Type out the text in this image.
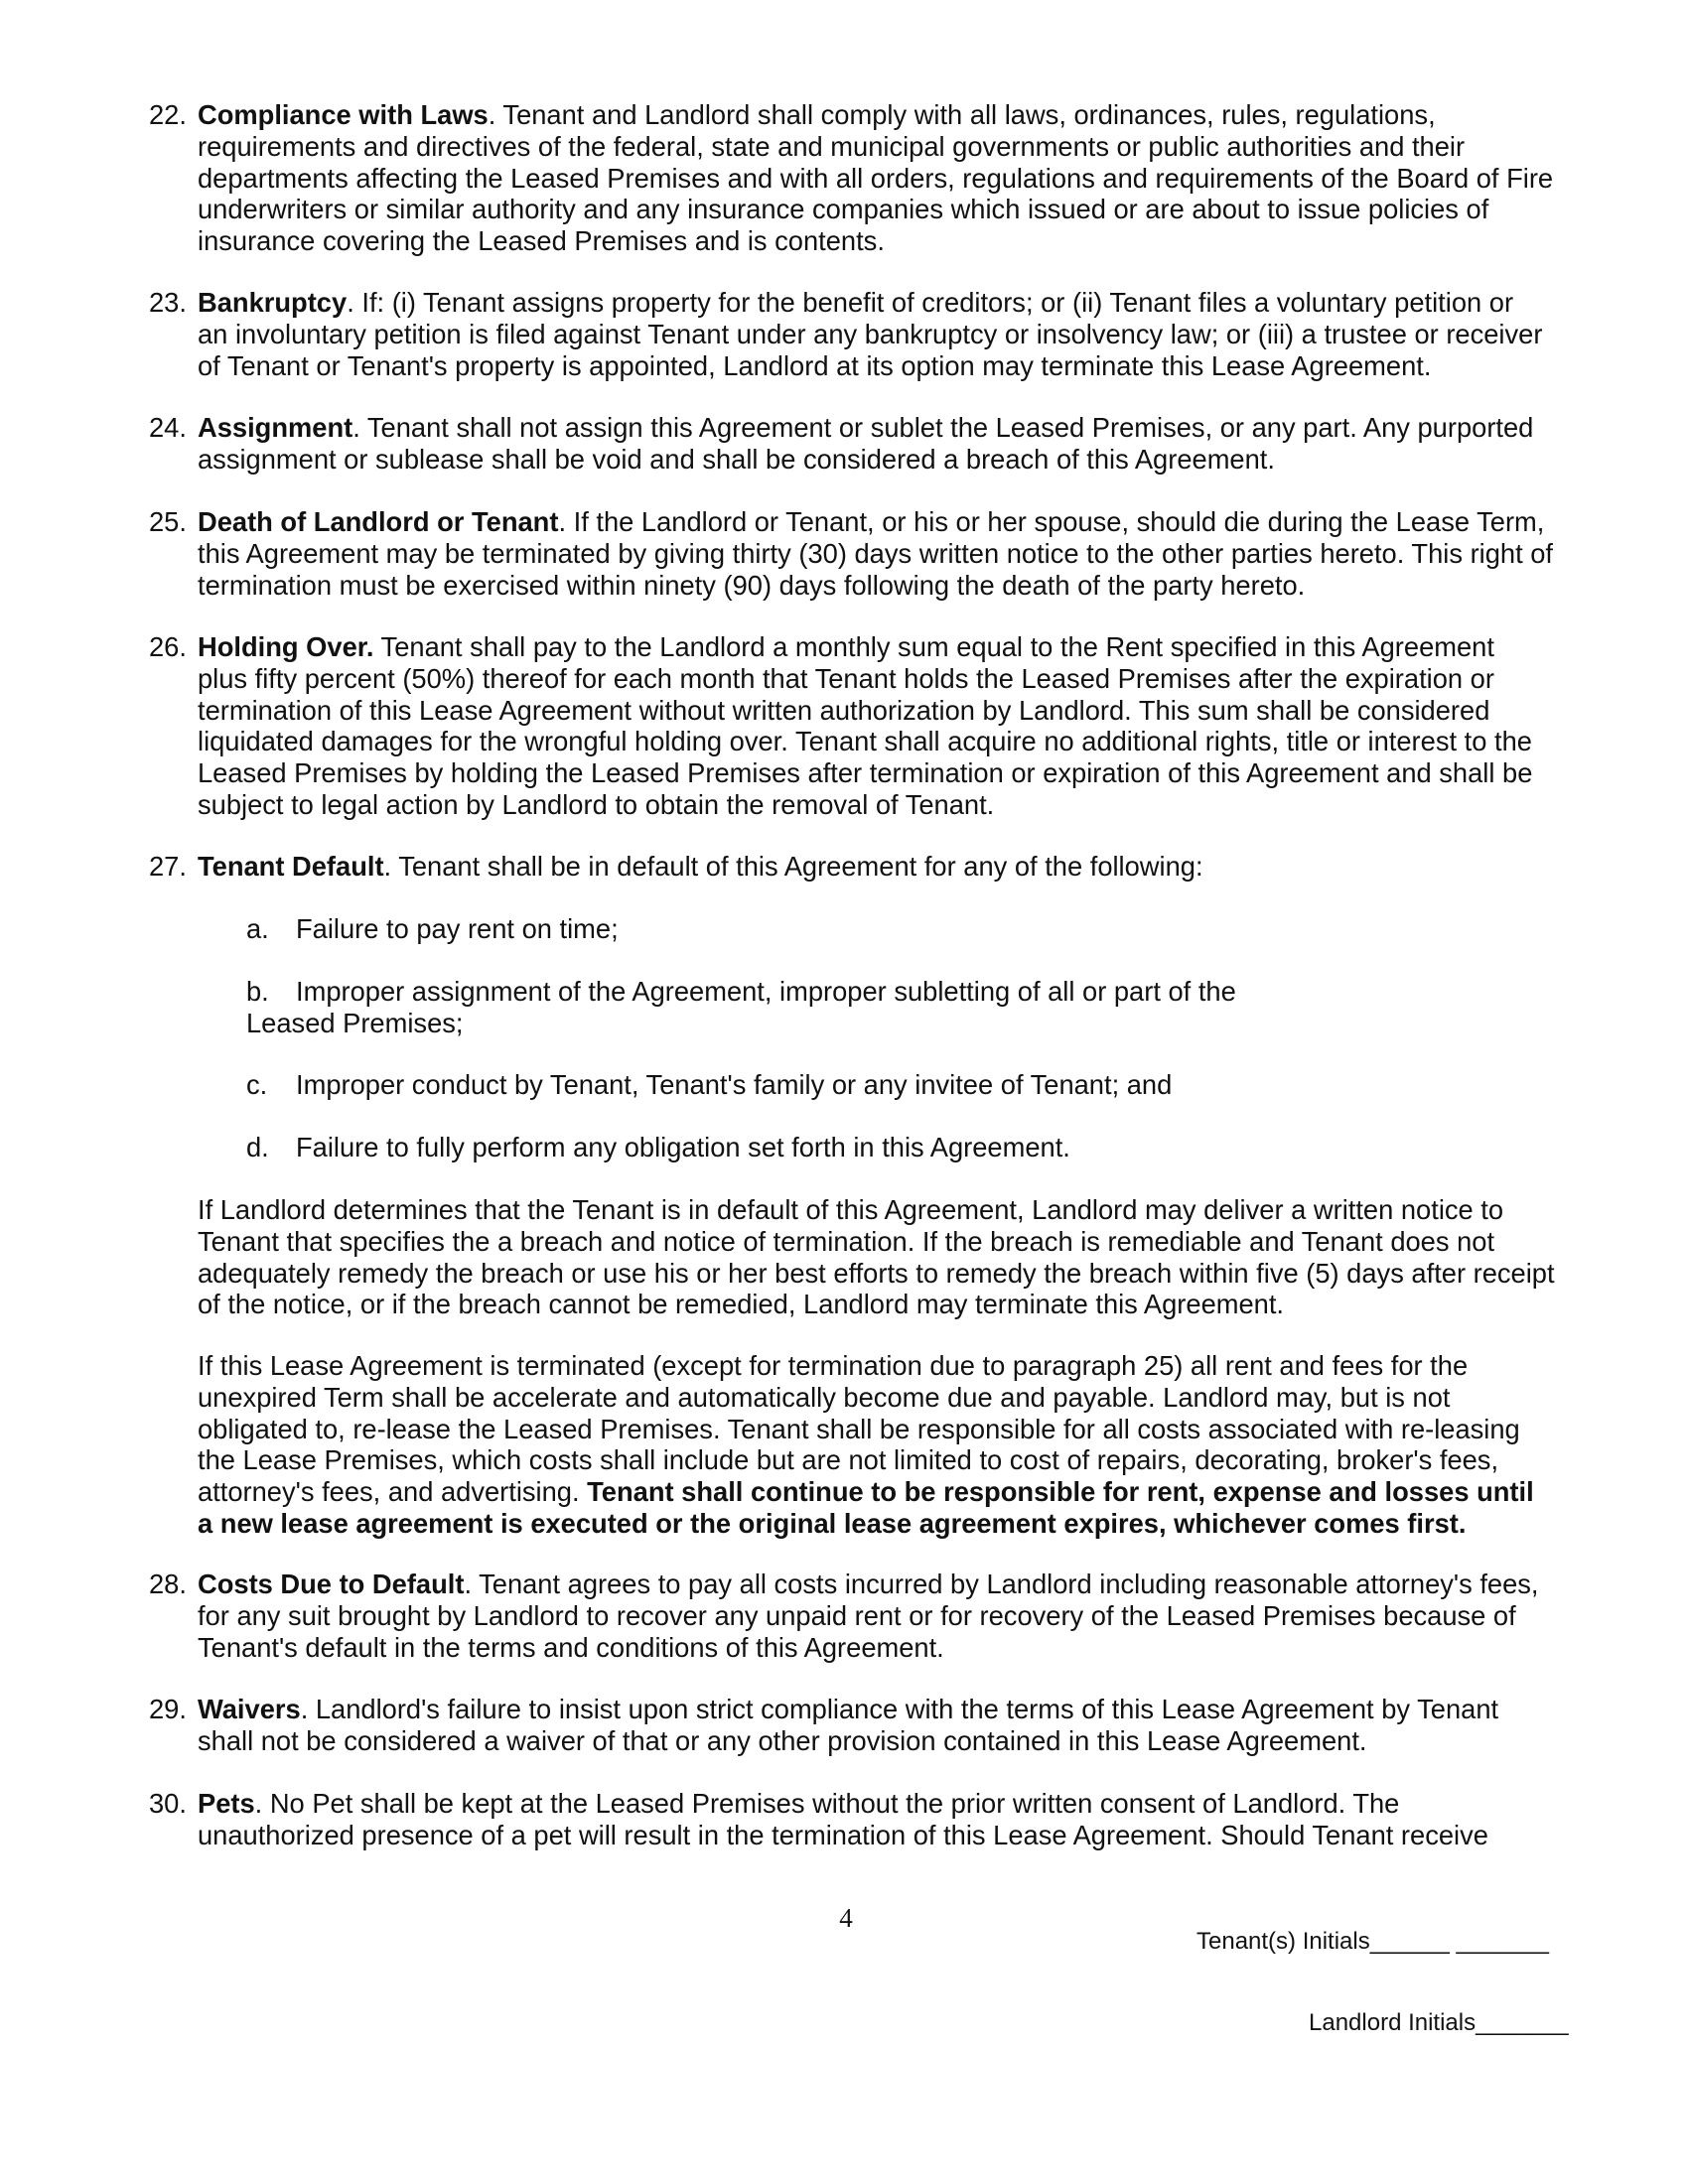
22. Compliance with Laws. Tenant and Landlord shall comply with all laws, ordinances, rules, regulations,
requirements and directives of the federal, state and municipal governments or public authorities and their
departments affecting the Leased Premises and with all orders, regulations and requirements of the Board of Fire
underwriters or similar authority and any insurance companies which issued or are about to issue policies of
insurance covering the Leased Premises and is contents.
23. Bankruptcy. If: (i) Tenant assigns property for the benefit of creditors; or (ii) Tenant files a voluntary petition or
an involuntary petition is filed against Tenant under any bankruptcy or insolvency law; or (iii) a trustee or receiver
of Tenant or Tenant's property is appointed, Landlord at its option may terminate this Lease Agreement.
24. Assignment. Tenant shall not assign this Agreement or sublet the Leased Premises, or any part. Any purported
assignment or sublease shall be void and shall be considered a breach of this Agreement.
25. Death of Landlord or Tenant. If the Landlord or Tenant, or his or her spouse, should die during the Lease Term,
this Agreement may be terminated by giving thirty (30) days written notice to the other parties hereto. This right of
termination must be exercised within ninety (90) days following the death of the party hereto.
26. Holding Over. Tenant shall pay to the Landlord a monthly sum equal to the Rent specified in this Agreement
plus fifty percent (50%) thereof for each month that Tenant holds the Leased Premises after the expiration or
termination of this Lease Agreement without written authorization by Landlord. This sum shall be considered
liquidated damages for the wrongful holding over. Tenant shall acquire no additional rights, title or interest to the
Leased Premises by holding the Leased Premises after termination or expiration of this Agreement and shall be
subject to legal action by Landlord to obtain the removal of Tenant.
27. Tenant Default. Tenant shall be in default of this Agreement for any of the following:
a. Failure to pay rent on time;
b. Improper assignment of the Agreement, improper subletting of all or part of the
Leased Premises;
c. Improper conduct by Tenant, Tenant's family or any invitee of Tenant; and
d. Failure to fully perform any obligation set forth in this Agreement.
If Landlord determines that the Tenant is in default of this Agreement, Landlord may deliver a written notice to
Tenant that specifies the a breach and notice of termination. If the breach is remediable and Tenant does not
adequately remedy the breach or use his or her best efforts to remedy the breach within five (5) days after receipt
of the notice, or if the breach cannot be remedied, Landlord may terminate this Agreement.
If this Lease Agreement is terminated (except for termination due to paragraph 25) all rent and fees for the
unexpired Term shall be accelerate and automatically become due and payable. Landlord may, but is not
obligated to, re-lease the Leased Premises. Tenant shall be responsible for all costs associated with re-leasing
the Lease Premises, which costs shall include but are not limited to cost of repairs, decorating, broker's fees,
attorney's fees, and advertising. Tenant shall continue to be responsible for rent, expense and losses until
a new lease agreement is executed or the original lease agreement expires, whichever comes first.
28. Costs Due to Default. Tenant agrees to pay all costs incurred by Landlord including reasonable attorney's fees,
for any suit brought by Landlord to recover any unpaid rent or for recovery of the Leased Premises because of
Tenant's default in the terms and conditions of this Agreement.
29. Waivers. Landlord's failure to insist upon strict compliance with the terms of this Lease Agreement by Tenant
shall not be considered a waiver of that or any other provision contained in this Lease Agreement.
30. Pets. No Pet shall be kept at the Leased Premises without the prior written consent of Landlord. The
unauthorized presence of a pet will result in the termination of this Lease Agreement. Should Tenant receive
4
Tenant(s) Initials______ _______
Landlord Initials_______
